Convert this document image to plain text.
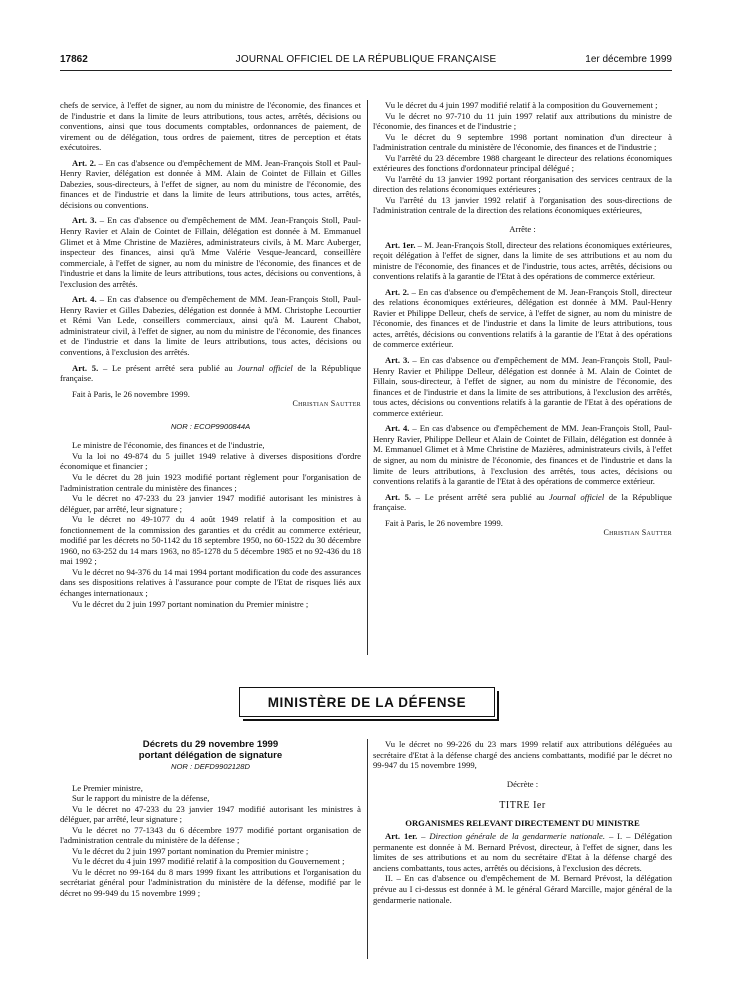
17862	JOURNAL OFFICIEL DE LA RÉPUBLIQUE FRANÇAISE	1er décembre 1999

chefs de service, à l'effet de signer, au nom du ministre de l'économie, des finances et de l'industrie et dans la limite de leurs attributions, tous actes, arrêtés, décisions ou conventions, ainsi que tous documents comptables, ordonnances de paiement, de virement ou de délégation, tous ordres de paiement, titres de perception et états exécutoires.

Art. 2. – En cas d'absence ou d'empêchement de MM. Jean-François Stoll et Paul-Henry Ravier, délégation est donnée à MM. Alain de Cointet de Fillain et Gilles Dabezies, sous-directeurs, à l'effet de signer, au nom du ministre de l'économie, des finances et de l'industrie et dans la limite de leurs attributions, tous actes, arrêtés, décisions ou conventions.

Art. 3. – En cas d'absence ou d'empêchement de MM. Jean-François Stoll, Paul-Henry Ravier et Alain de Cointet de Fillain, délégation est donnée à M. Emmanuel Glimet et à Mme Christine de Mazières, administrateurs civils, à M. Marc Auberger, inspecteur des finances, ainsi qu'à Mme Valérie Vesque-Jeancard, conseillère commerciale, à l'effet de signer, au nom du ministre de l'économie, des finances et de l'industrie et dans la limite de leurs attributions, tous actes, décisions ou conventions, à l'exclusion des arrêtés.

Art. 4. – En cas d'absence ou d'empêchement de MM. Jean-François Stoll, Paul-Henry Ravier et Gilles Dabezies, délégation est donnée à MM. Christophe Lecourtier et Rémi Van Lede, conseillers commerciaux, ainsi qu'à M. Laurent Chabot, administrateur civil, à l'effet de signer, au nom du ministre de l'économie, des finances et de l'industrie et dans la limite de leurs attributions, tous actes, décisions ou conventions, à l'exclusion des arrêtés.

Art. 5. – Le présent arrêté sera publié au Journal officiel de la République française.

Fait à Paris, le 26 novembre 1999.

Christian Sautter

NOR : ECOP9900844A

Le ministre de l'économie, des finances et de l'industrie,

Vu la loi no 49-874 du 5 juillet 1949 relative à diverses dispositions d'ordre économique et financier ;

Vu le décret du 28 juin 1923 modifié portant règlement pour l'organisation de l'administration centrale du ministère des finances ;

Vu le décret no 47-233 du 23 janvier 1947 modifié autorisant les ministres à déléguer, par arrêté, leur signature ;

Vu le décret no 49-1077 du 4 août 1949 relatif à la composition et au fonctionnement de la commission des garanties et du crédit au commerce extérieur, modifié par les décrets no 50-1142 du 18 septembre 1950, no 60-1522 du 30 décembre 1960, no 63-252 du 14 mars 1963, no 85-1278 du 5 décembre 1985 et no 92-436 du 18 mai 1992 ;

Vu le décret no 94-376 du 14 mai 1994 portant modification du code des assurances dans ses dispositions relatives à l'assurance pour compte de l'Etat de risques liés aux échanges internationaux ;

Vu le décret du 2 juin 1997 portant nomination du Premier ministre ;

Vu le décret du 4 juin 1997 modifié relatif à la composition du Gouvernement ;

Vu le décret no 97-710 du 11 juin 1997 relatif aux attributions du ministre de l'économie, des finances et de l'industrie ;

Vu le décret du 9 septembre 1998 portant nomination d'un directeur à l'administration centrale du ministère de l'économie, des finances et de l'industrie ;

Vu l'arrêté du 23 décembre 1988 chargeant le directeur des relations économiques extérieures des fonctions d'ordonnateur principal délégué ;

Vu l'arrêté du 13 janvier 1992 portant réorganisation des services centraux de la direction des relations économiques extérieures ;

Vu l'arrêté du 13 janvier 1992 relatif à l'organisation des sous-directions de l'administration centrale de la direction des relations économiques extérieures,

Arrête :

Art. 1er. – M. Jean-François Stoll, directeur des relations économiques extérieures, reçoit délégation à l'effet de signer, dans la limite de ses attributions et au nom du ministre de l'économie, des finances et de l'industrie, tous actes, arrêtés, décisions ou conventions relatifs à la garantie de l'Etat à des opérations de commerce extérieur.

Art. 2. – En cas d'absence ou d'empêchement de M. Jean-François Stoll, directeur des relations économiques extérieures, délégation est donnée à MM. Paul-Henry Ravier et Philippe Delleur, chefs de service, à l'effet de signer, au nom du ministre de l'économie, des finances et de l'industrie et dans la limite de leurs attributions, tous actes, arrêtés, décisions ou conventions relatifs à la garantie de l'Etat à des opérations de commerce extérieur.

Art. 3. – En cas d'absence ou d'empêchement de MM. Jean-François Stoll, Paul-Henry Ravier et Philippe Delleur, délégation est donnée à M. Alain de Cointet de Fillain, sous-directeur, à l'effet de signer, au nom du ministre de l'économie, des finances et de l'industrie et dans la limite de ses attributions, à l'exclusion des arrêtés, tous actes, décisions ou conventions relatifs à la garantie de l'Etat à des opérations de commerce extérieur.

Art. 4. – En cas d'absence ou d'empêchement de MM. Jean-François Stoll, Paul-Henry Ravier, Philippe Delleur et Alain de Cointet de Fillain, délégation est donnée à M. Emmanuel Glimet et à Mme Christine de Mazières, administrateurs civils, à l'effet de signer, au nom du ministre de l'économie, des finances et de l'industrie et dans la limite de leurs attributions, à l'exclusion des arrêtés, tous actes, décisions ou conventions relatifs à la garantie de l'Etat à des opérations de commerce extérieur.

Art. 5. – Le présent arrêté sera publié au Journal officiel de la République française.

Fait à Paris, le 26 novembre 1999.

Christian Sautter

MINISTÈRE DE LA DÉFENSE
Décrets du 29 novembre 1999
portant délégation de signature

NOR : DEFD9902128D

Le Premier ministre,

Sur le rapport du ministre de la défense,

Vu le décret no 47-233 du 23 janvier 1947 modifié autorisant les ministres à déléguer, par arrêté, leur signature ;

Vu le décret no 77-1343 du 6 décembre 1977 modifié portant organisation de l'administration centrale du ministère de la défense ;

Vu le décret du 2 juin 1997 portant nomination du Premier ministre ;

Vu le décret du 4 juin 1997 modifié relatif à la composition du Gouvernement ;

Vu le décret no 99-164 du 8 mars 1999 fixant les attributions et l'organisation du secrétariat général pour l'administration du ministère de la défense, modifié par le décret no 99-949 du 15 novembre 1999 ;

Vu le décret no 99-226 du 23 mars 1999 relatif aux attributions déléguées au secrétaire d'Etat à la défense chargé des anciens combattants, modifié par le décret no 99-947 du 15 novembre 1999,

Décrète :

TITRE Ier
ORGANISMES RELEVANT DIRECTEMENT DU MINISTRE

Art. 1er. – Direction générale de la gendarmerie nationale. – I. – Délégation permanente est donnée à M. Bernard Prévost, directeur, à l'effet de signer, dans les limites de ses attributions et au nom du secrétaire d'Etat à la défense chargé des anciens combattants, tous actes, arrêtés ou décisions, à l'exclusion des décrets.

II. – En cas d'absence ou d'empêchement de M. Bernard Prévost, la délégation prévue au I ci-dessus est donnée à M. le général Gérard Marcille, major général de la gendarmerie nationale.
